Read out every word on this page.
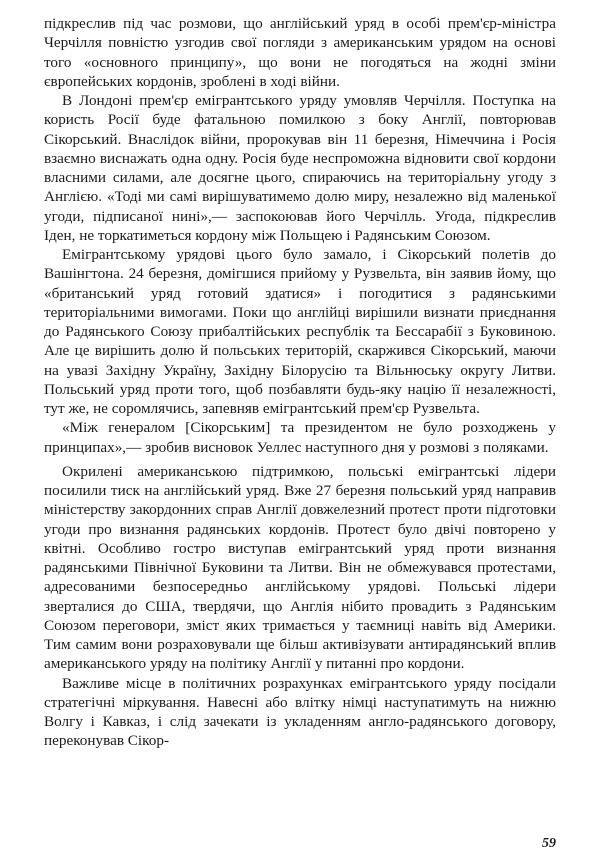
підкреслив під час розмови, що англійський уряд в особі прем'єр-міністра Черчілля повністю узгодив свої погляди з американським урядом на основі того «основного принципу», що вони не погодяться на жодні зміни європейських кордонів, зроблені в ході війни.

В Лондоні прем'єр емігрантського уряду умовляв Черчілля. Поступка на користь Росії буде фатальною помилкою з боку Англії, повторював Сікорський. Внаслідок війни, пророкував він 11 березня, Німеччина і Росія взаємно виснажать одна одну. Росія буде неспроможна відновити свої кордони власними силами, але досягне цього, спираючись на територіальну угоду з Англією. «Тоді ми самі вирішуватимемо долю миру, незалежно від маленької угоди, підписаної нині»,— заспокоював його Черчілль. Угода, підкреслив Іден, не торкатиметься кордону між Польщею і Радянським Союзом.

Емігрантському урядові цього було замало, і Сікорський полетів до Вашінгтона. 24 березня, домігшися прийому у Рузвельта, він заявив йому, що «британський уряд готовий здатися» і погодитися з радянськими територіальними вимогами. Поки що англійці вирішили визнати приєднання до Радянського Союзу прибалтійських республік та Бессарабії з Буковиною. Але це вирішить долю й польських територій, скаржився Сікорський, маючи на увазі Західну Україну, Західну Білорусію та Вільнюську округу Литви. Польський уряд проти того, щоб позбавляти будь-яку націю її незалежності, тут же, не соромлячись, запевняв емігрантський прем'єр Рузвельта.

«Між генералом [Сікорським] та президентом не було розходжень у принципах»,— зробив висновок Уеллес наступного дня у розмові з поляками.

Окрилені американською підтримкою, польські емігрантські лідери посилили тиск на англійський уряд. Вже 27 березня польський уряд направив міністерству закордонних справ Англії довжелезний протест проти підготовки угоди про визнання радянських кордонів. Протест було двічі повторено у квітні. Особливо гостро виступав емігрантський уряд проти визнання радянськими Північної Буковини та Литви. Він не обмежувався протестами, адресованими безпосередньо англійському урядові. Польські лідери зверталися до США, твердячи, що Англія нібито провадить з Радянським Союзом переговори, зміст яких тримається у таємниці навіть від Америки. Тим самим вони розраховували ще більш активізувати антирадянський вплив американського уряду на політику Англії у питанні про кордони.

Важливе місце в політичних розрахунках емігрантського уряду посідали стратегічні міркування. Навесні або влітку німці наступатимуть на нижню Волгу і Кавказ, і слід зачекати із укладенням англо-радянського договору, переконував Сікор-

59
